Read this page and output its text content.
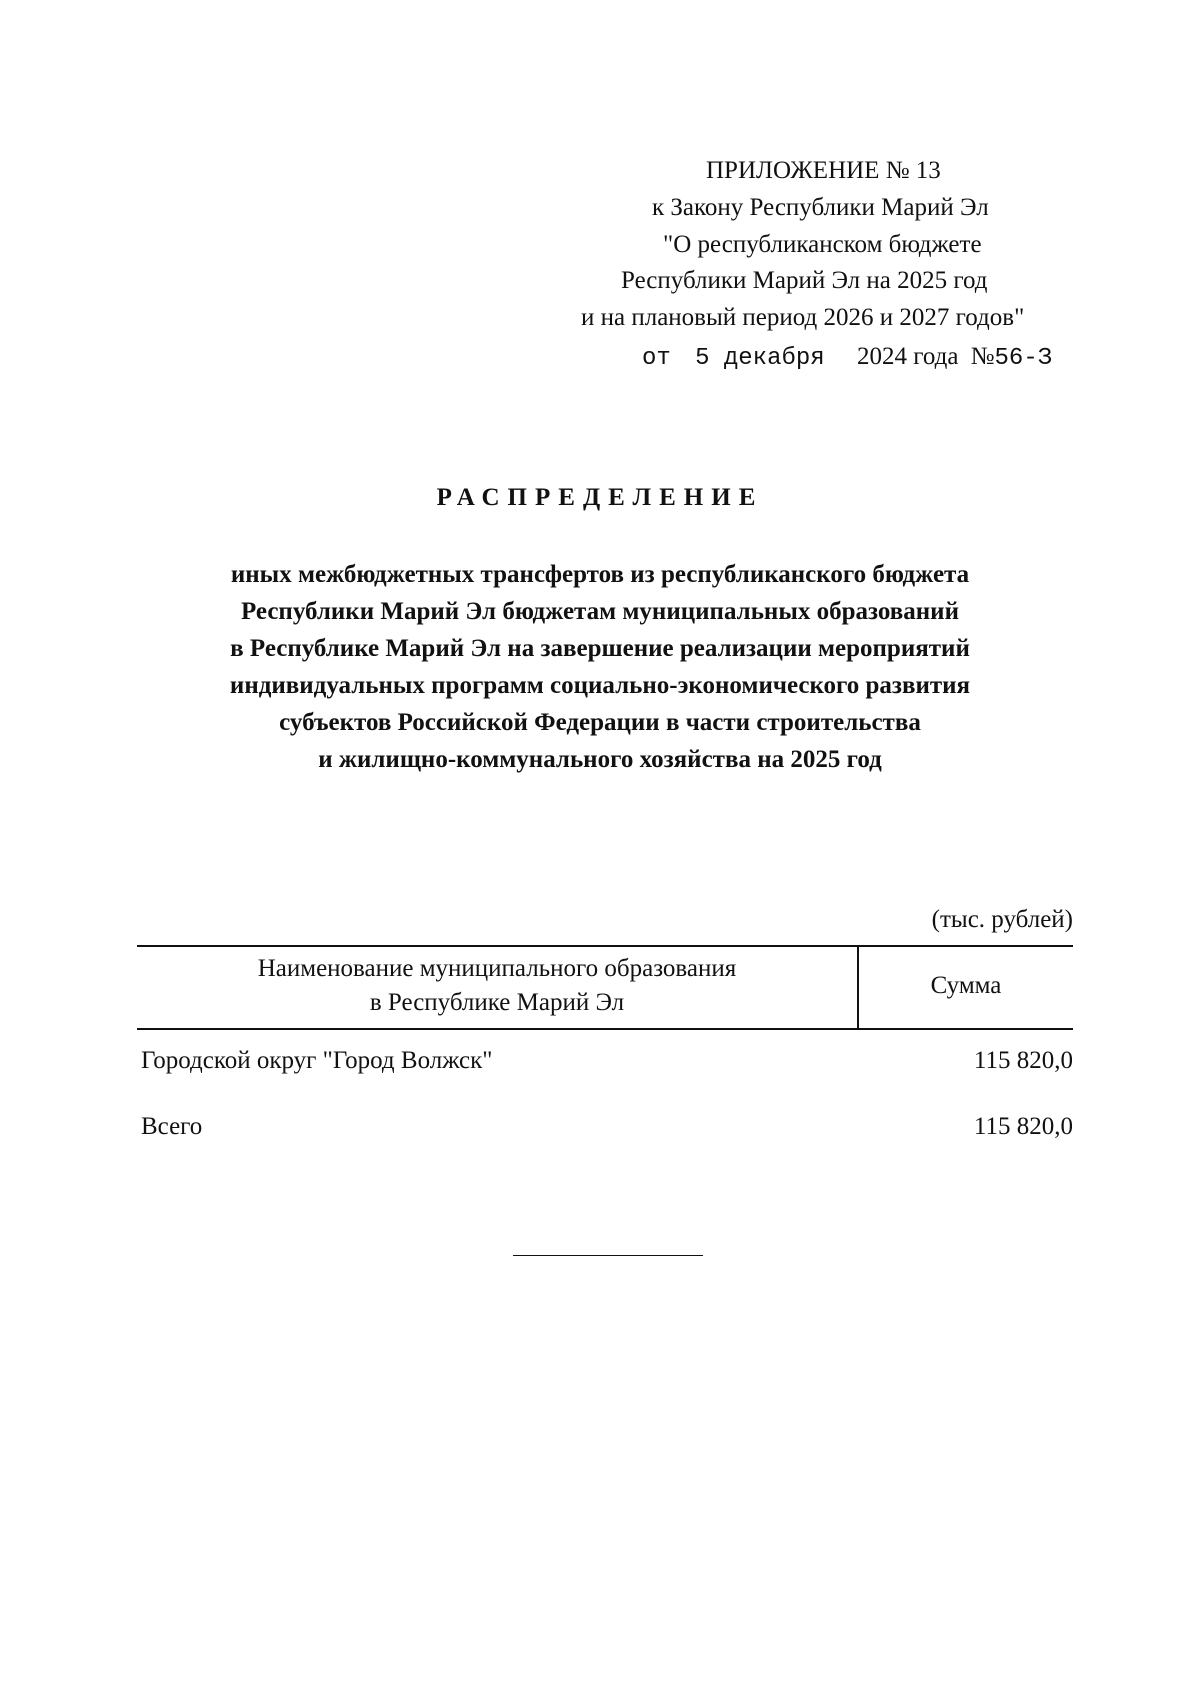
ПРИЛОЖЕНИЕ № 13
к Закону Республики Марий Эл
"О республиканском бюджете
Республики Марий Эл на 2025 год
и на плановый период 2026 и 2027 годов"
от 5 декабря 2024 года №56-З
РАСПРЕДЕЛЕНИЕ
иных межбюджетных трансфертов из республиканского бюджета
Республики Марий Эл бюджетам муниципальных образований
в Республике Марий Эл на завершение реализации мероприятий
индивидуальных программ социально-экономического развития
субъектов Российской Федерации в части строительства
и жилищно-коммунального хозяйства на 2025 год
(тыс. рублей)
Наименование муниципального образования
в Республике Марий Эл
Сумма
Городской округ "Город Волжск"	115 820,0
Всего	115 820,0
